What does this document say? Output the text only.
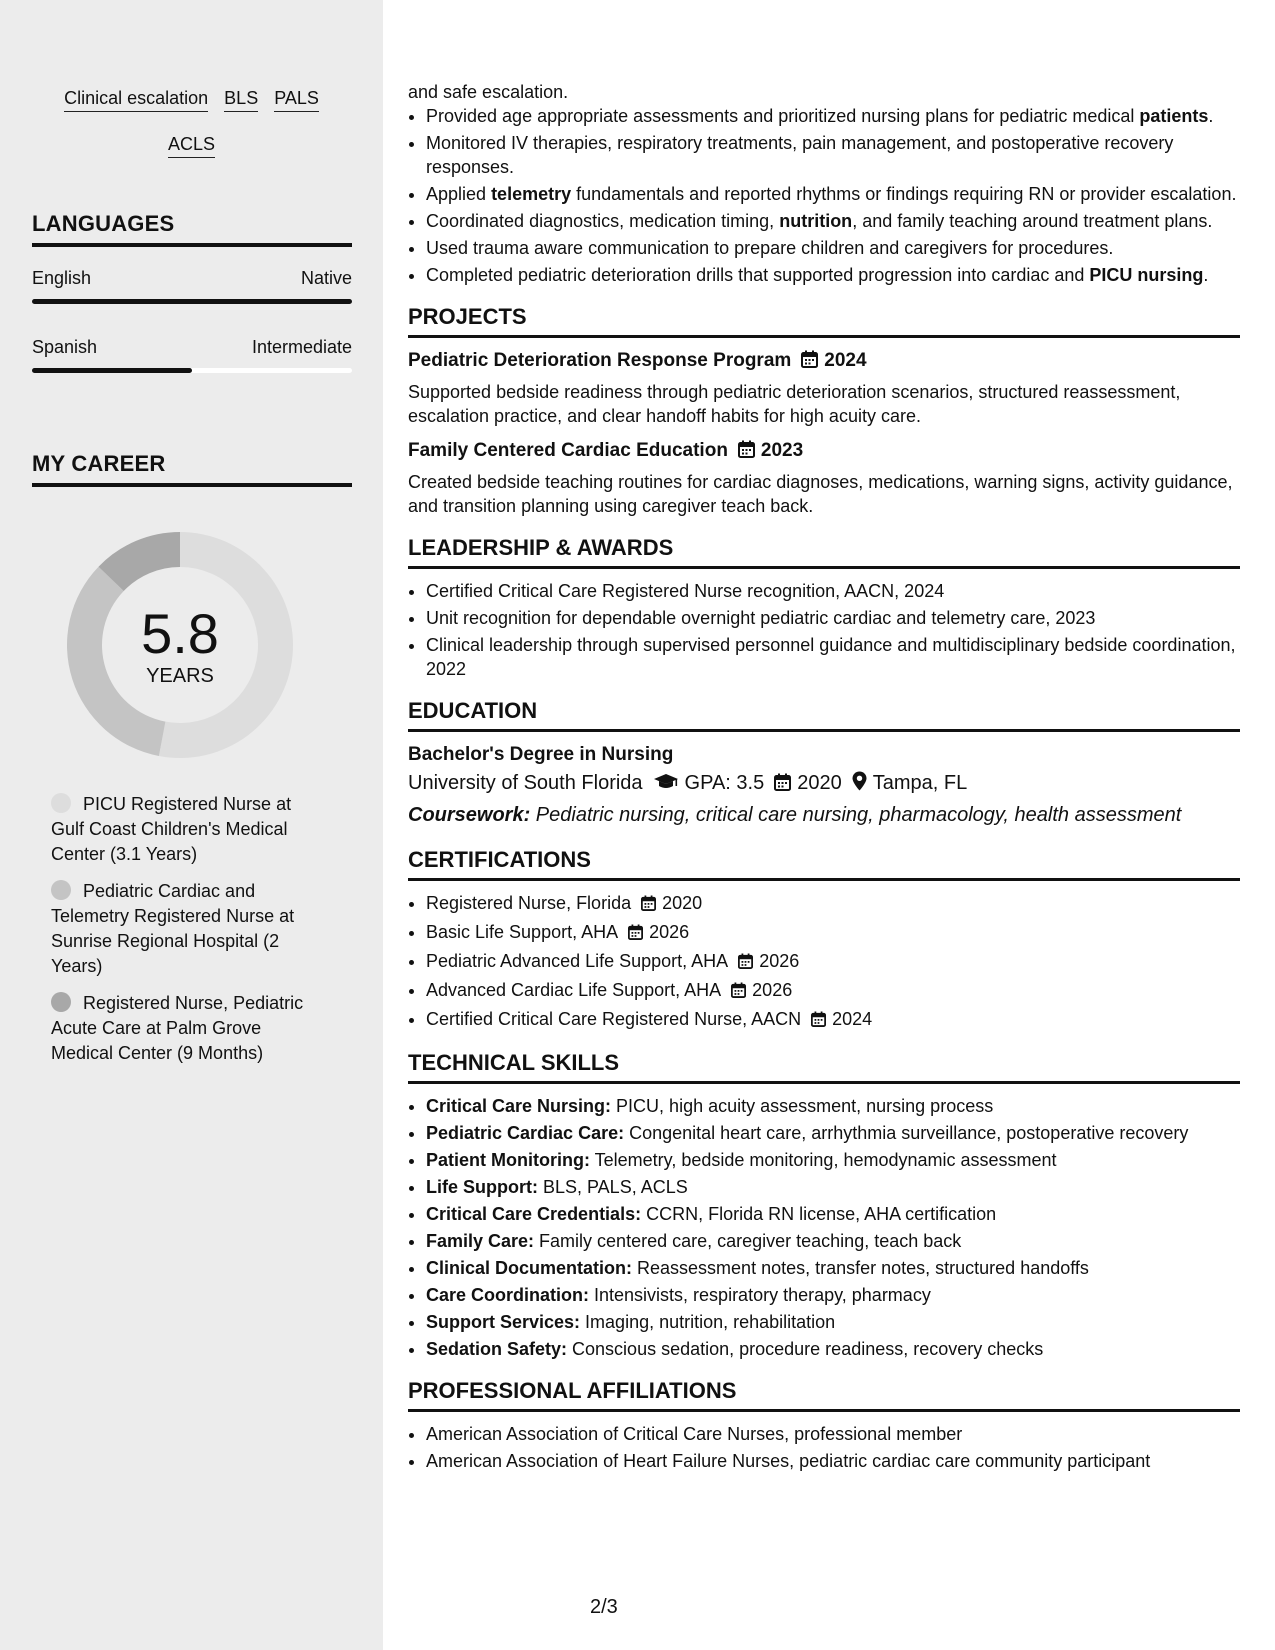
Clinical escalation BLS PALS
ACLS
LANGUAGES
English	Native
Spanish	Intermediate
MY CAREER
5.8
YEARS
PICU Registered Nurse at Gulf Coast Children's Medical Center (3.1 Years)
Pediatric Cardiac and Telemetry Registered Nurse at Sunrise Regional Hospital (2 Years)
Registered Nurse, Pediatric Acute Care at Palm Grove Medical Center (9 Months)
and safe escalation.
• Provided age appropriate assessments and prioritized nursing plans for pediatric medical patients.
• Monitored IV therapies, respiratory treatments, pain management, and postoperative recovery responses.
• Applied telemetry fundamentals and reported rhythms or findings requiring RN or provider escalation.
• Coordinated diagnostics, medication timing, nutrition, and family teaching around treatment plans.
• Used trauma aware communication to prepare children and caregivers for procedures.
• Completed pediatric deterioration drills that supported progression into cardiac and PICU nursing.
PROJECTS
Pediatric Deterioration Response Program 2024
Supported bedside readiness through pediatric deterioration scenarios, structured reassessment, escalation practice, and clear handoff habits for high acuity care.
Family Centered Cardiac Education 2023
Created bedside teaching routines for cardiac diagnoses, medications, warning signs, activity guidance, and transition planning using caregiver teach back.
LEADERSHIP & AWARDS
• Certified Critical Care Registered Nurse recognition, AACN, 2024
• Unit recognition for dependable overnight pediatric cardiac and telemetry care, 2023
• Clinical leadership through supervised personnel guidance and multidisciplinary bedside coordination, 2022
EDUCATION
Bachelor's Degree in Nursing
University of South Florida GPA: 3.5 2020 Tampa, FL
Coursework: Pediatric nursing, critical care nursing, pharmacology, health assessment
CERTIFICATIONS
• Registered Nurse, Florida 2020
• Basic Life Support, AHA 2026
• Pediatric Advanced Life Support, AHA 2026
• Advanced Cardiac Life Support, AHA 2026
• Certified Critical Care Registered Nurse, AACN 2024
TECHNICAL SKILLS
• Critical Care Nursing: PICU, high acuity assessment, nursing process
• Pediatric Cardiac Care: Congenital heart care, arrhythmia surveillance, postoperative recovery
• Patient Monitoring: Telemetry, bedside monitoring, hemodynamic assessment
• Life Support: BLS, PALS, ACLS
• Critical Care Credentials: CCRN, Florida RN license, AHA certification
• Family Care: Family centered care, caregiver teaching, teach back
• Clinical Documentation: Reassessment notes, transfer notes, structured handoffs
• Care Coordination: Intensivists, respiratory therapy, pharmacy
• Support Services: Imaging, nutrition, rehabilitation
• Sedation Safety: Conscious sedation, procedure readiness, recovery checks
PROFESSIONAL AFFILIATIONS
• American Association of Critical Care Nurses, professional member
• American Association of Heart Failure Nurses, pediatric cardiac care community participant
2/3
